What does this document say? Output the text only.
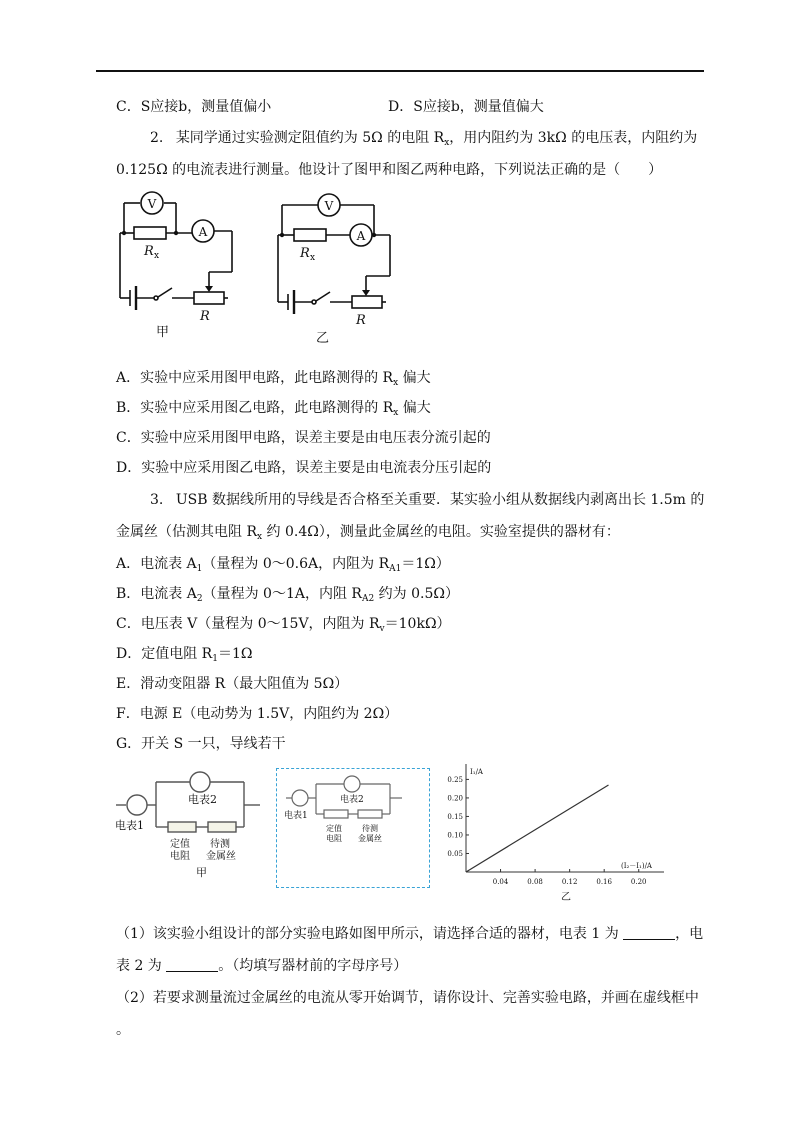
C．S应接b，测量值偏小	D．S应接b，测量值偏大
2. 某同学通过实验测定阻值约为 5Ω 的电阻 $R_x$，用内阻约为 3kΩ 的电压表，内阻约为
0.125Ω 的电流表进行测量。他设计了图甲和图乙两种电路，下列说法正确的是（　　）
V
A
R x
R
甲
V
A
R x
R
乙
A．实验中应采用图甲电路，此电路测得的 $R_x$ 偏大
B．实验中应采用图乙电路，此电路测得的 $R_x$ 偏大
C．实验中应采用图甲电路，误差主要是由电压表分流引起的
D．实验中应采用图乙电路，误差主要是由电流表分压引起的
3. USB 数据线所用的导线是否合格至关重要．某实验小组从数据线内剥离出长 1.5m 的
金属丝（估测其电阻 $R_x$ 约 0.4Ω），测量此金属丝的电阻。实验室提供的器材有：
A．电流表 $A_1$（量程为 0～0.6A，内阻为 $R_{A1}=1\Omega$）
B．电流表 $A_2$（量程为 0～1A，内阻 $R_{A2}$ 约为 0.5Ω）
C．电压表 V（量程为 0～15V，内阻为 $R_v=10k\Omega$）
D．定值电阻 $R_1=1\Omega$
E．滑动变阻器 R（最大阻值为 5Ω）
F．电源 E（电动势为 1.5V，内阻约为 2Ω）
G．开关 S 一只，导线若干
电表1
电表2
定值
电阻
待测
金属丝
甲
电表1
电表2
定值
电阻
待测
金属丝
0.04	0.08	0.12	0.16	0.20
0.05
0.10
0.15
0.20
0.25
I₁/A
(I₂－I₁)/A
乙
（1）该实验小组设计的部分实验电路如图甲所示，请选择合适的器材，电表 1 为	，电
表 2 为	。（均填写器材前的字母序号）
（2）若要求测量流过金属丝的电流从零开始调节，请你设计、完善实验电路，并画在虚线框中
。
